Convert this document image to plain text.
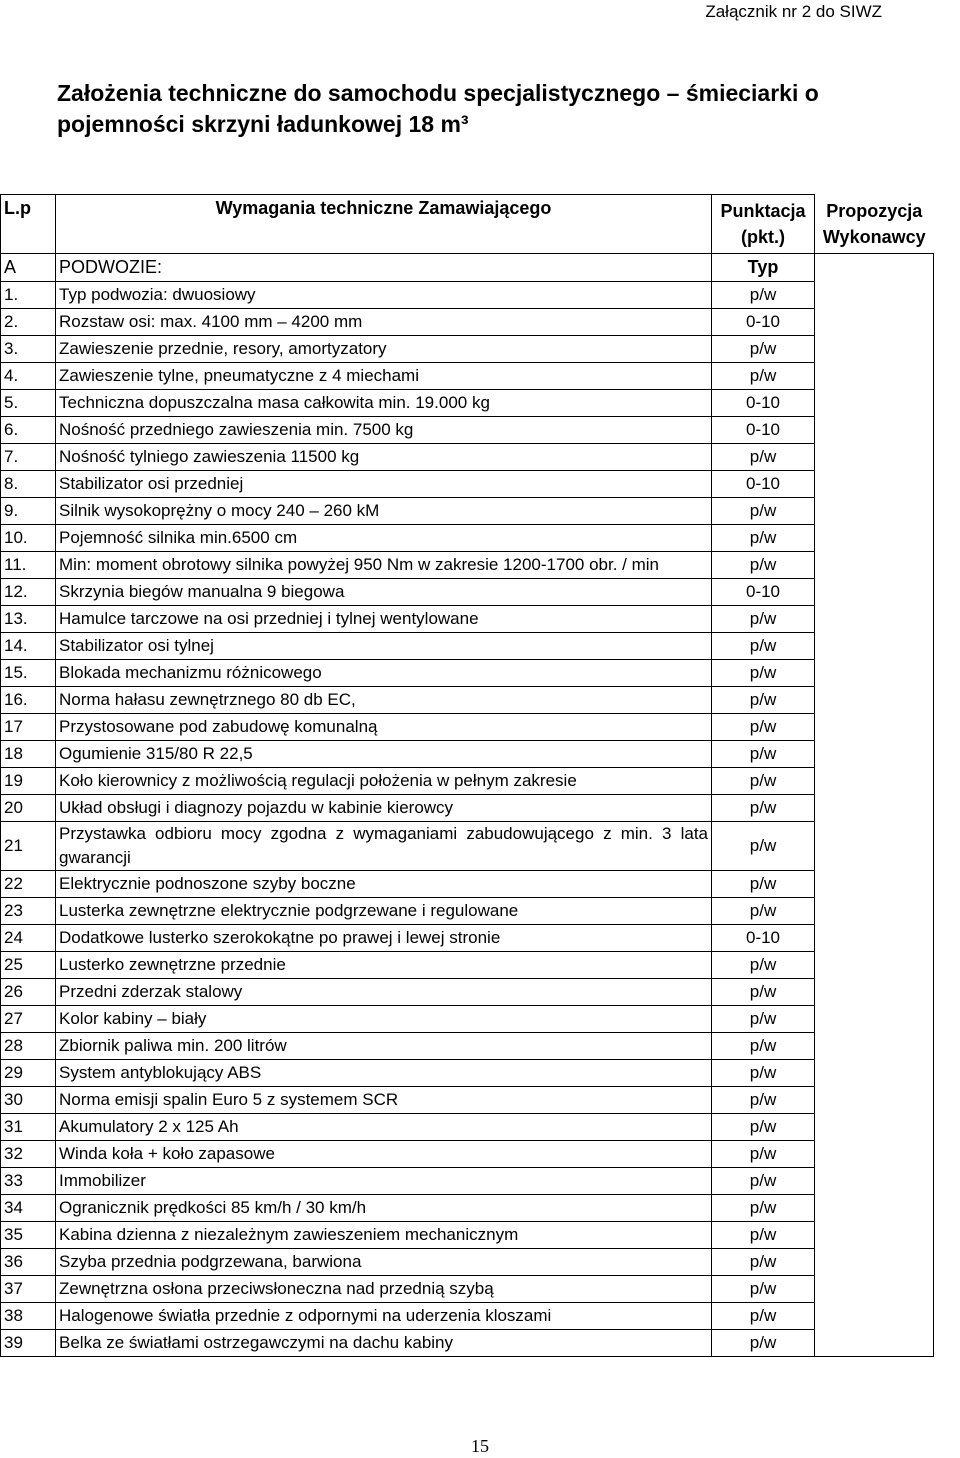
Załącznik nr 2 do SIWZ
Założenia techniczne do samochodu specjalistycznego – śmieciarki o pojemności skrzyni ładunkowej 18 m³
L.p	Wymagania techniczne Zamawiającego	Punktacja (pkt.)	Propozycja Wykonawcy

A	PODWOZIE:	Typ	
1.	Typ podwozia: dwuosiowy	p/w	
2.	Rozstaw osi: max. 4100 mm – 4200 mm	0-10	
3.	Zawieszenie przednie, resory, amortyzatory	p/w	
4.	Zawieszenie tylne, pneumatyczne z 4 miechami	p/w	
5.	Techniczna dopuszczalna masa całkowita min. 19.000 kg	0-10	
6.	Nośność przedniego zawieszenia min. 7500 kg	0-10	
7.	Nośność tylniego zawieszenia 11500 kg	p/w	
8.	Stabilizator osi przedniej	0-10	
9.	Silnik wysokoprężny o mocy 240 – 260 kM	p/w	
10.	Pojemność silnika min.6500 cm	p/w	
11.	Min: moment obrotowy silnika powyżej 950 Nm w zakresie 1200-1700 obr. / min	p/w	
12.	Skrzynia biegów manualna 9 biegowa	0-10	
13.	Hamulce tarczowe na osi przedniej i tylnej wentylowane	p/w	
14.	Stabilizator osi tylnej	p/w	
15.	Blokada mechanizmu różnicowego	p/w	
16.	Norma hałasu zewnętrznego 80 db EC,	p/w	
17	Przystosowane pod zabudowę komunalną	p/w	
18	Ogumienie 315/80 R 22,5	p/w	
19	Koło kierownicy z możliwością regulacji położenia w pełnym zakresie	p/w	
20	Układ obsługi i diagnozy pojazdu w kabinie kierowcy	p/w	
21	Przystawka odbioru mocy zgodna z wymaganiami zabudowującego z min. 3 lata gwarancji	p/w	
22	Elektrycznie podnoszone szyby boczne	p/w	
23	Lusterka zewnętrzne elektrycznie podgrzewane i regulowane	p/w	
24	Dodatkowe lusterko szerokokątne po prawej i lewej stronie	0-10	
25	Lusterko zewnętrzne przednie	p/w	
26	Przedni zderzak stalowy	p/w	
27	Kolor kabiny – biały	p/w	
28	Zbiornik paliwa min. 200 litrów	p/w	
29	System antyblokujący ABS	p/w	
30	Norma emisji spalin Euro 5 z systemem SCR	p/w	
31	Akumulatory 2 x 125 Ah	p/w	
32	Winda koła + koło zapasowe	p/w	
33	Immobilizer	p/w	
34	Ogranicznik prędkości 85 km/h / 30 km/h	p/w	
35	Kabina dzienna z niezależnym zawieszeniem mechanicznym	p/w	
36	Szyba przednia podgrzewana, barwiona	p/w	
37	Zewnętrzna osłona przeciwsłoneczna nad przednią szybą	p/w	
38	Halogenowe światła przednie z odpornymi na uderzenia kloszami	p/w	
39	Belka ze światłami ostrzegawczymi na dachu kabiny	p/w	
15
